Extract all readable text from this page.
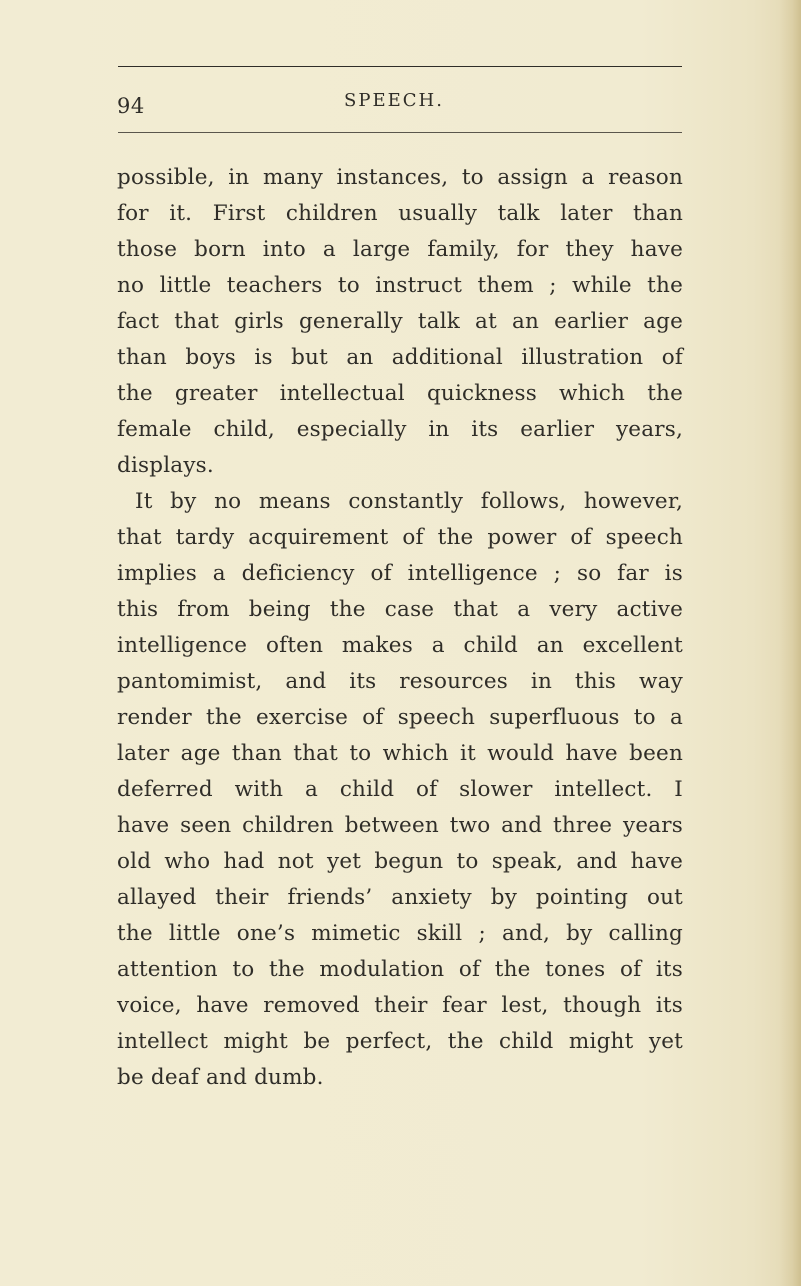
94	SPEECH.
possible, in many instances, to assign a reason
for it. First children usually talk later than
those born into a large family, for they have
no little teachers to instruct them ; while the
fact that girls generally talk at an earlier age
than boys is but an additional illustration of
the greater intellectual quickness which the
female child, especially in its earlier years,
displays.
It by no means constantly follows, however,
that tardy acquirement of the power of speech
implies a deficiency of intelligence ; so far is
this from being the case that a very active
intelligence often makes a child an excellent
pantomimist, and its resources in this way
render the exercise of speech superfluous to a
later age than that to which it would have been
deferred with a child of slower intellect. I
have seen children between two and three years
old who had not yet begun to speak, and have
allayed their friends’ anxiety by pointing out
the little one’s mimetic skill ; and, by calling
attention to the modulation of the tones of its
voice, have removed their fear lest, though its
intellect might be perfect, the child might yet
be deaf and dumb.
